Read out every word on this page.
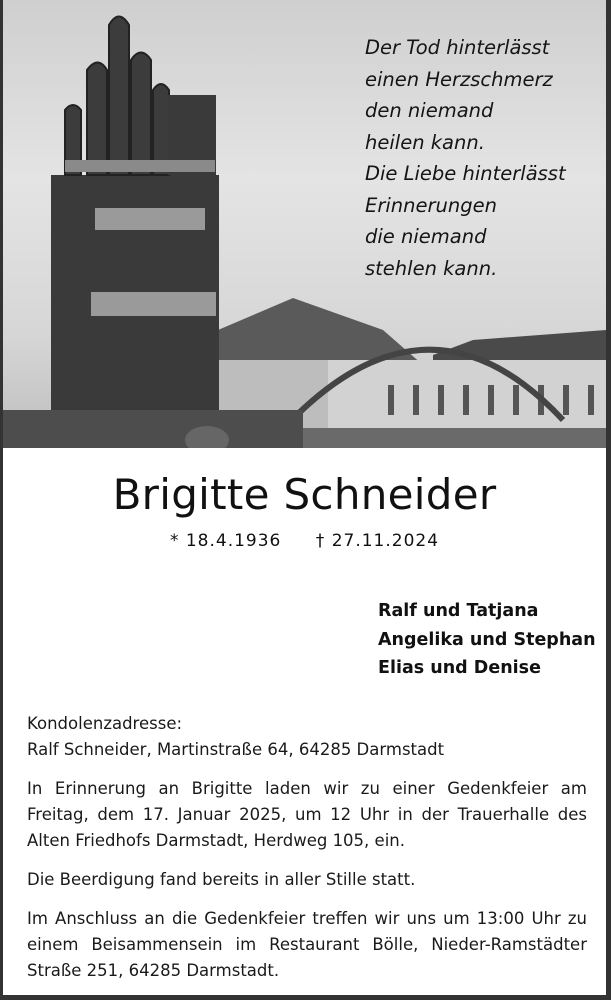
Der Tod hinterlässt
einen Herzschmerz
den niemand
heilen kann.
Die Liebe hinterlässt
Erinnerungen
die niemand
stehlen kann.
Brigitte Schneider
* 18.4.1936 † 27.11.2024
Ralf und Tatjana
Angelika und Stephan
Elias und Denise

Kondolenzadresse:
Ralf Schneider, Martinstraße 64, 64285 Darmstadt

In Erinnerung an Brigitte laden wir zu einer Gedenkfeier am Freitag, dem 17. Januar 2025, um 12 Uhr in der Trauerhalle des Alten Friedhofs Darmstadt, Herdweg 105, ein.

Die Beerdigung fand bereits in aller Stille statt.

Im Anschluss an die Gedenkfeier treffen wir uns um 13:00 Uhr zu einem Beisammensein im Restaurant Bölle, Nieder-Ramstädter Straße 251, 64285 Darmstadt.
